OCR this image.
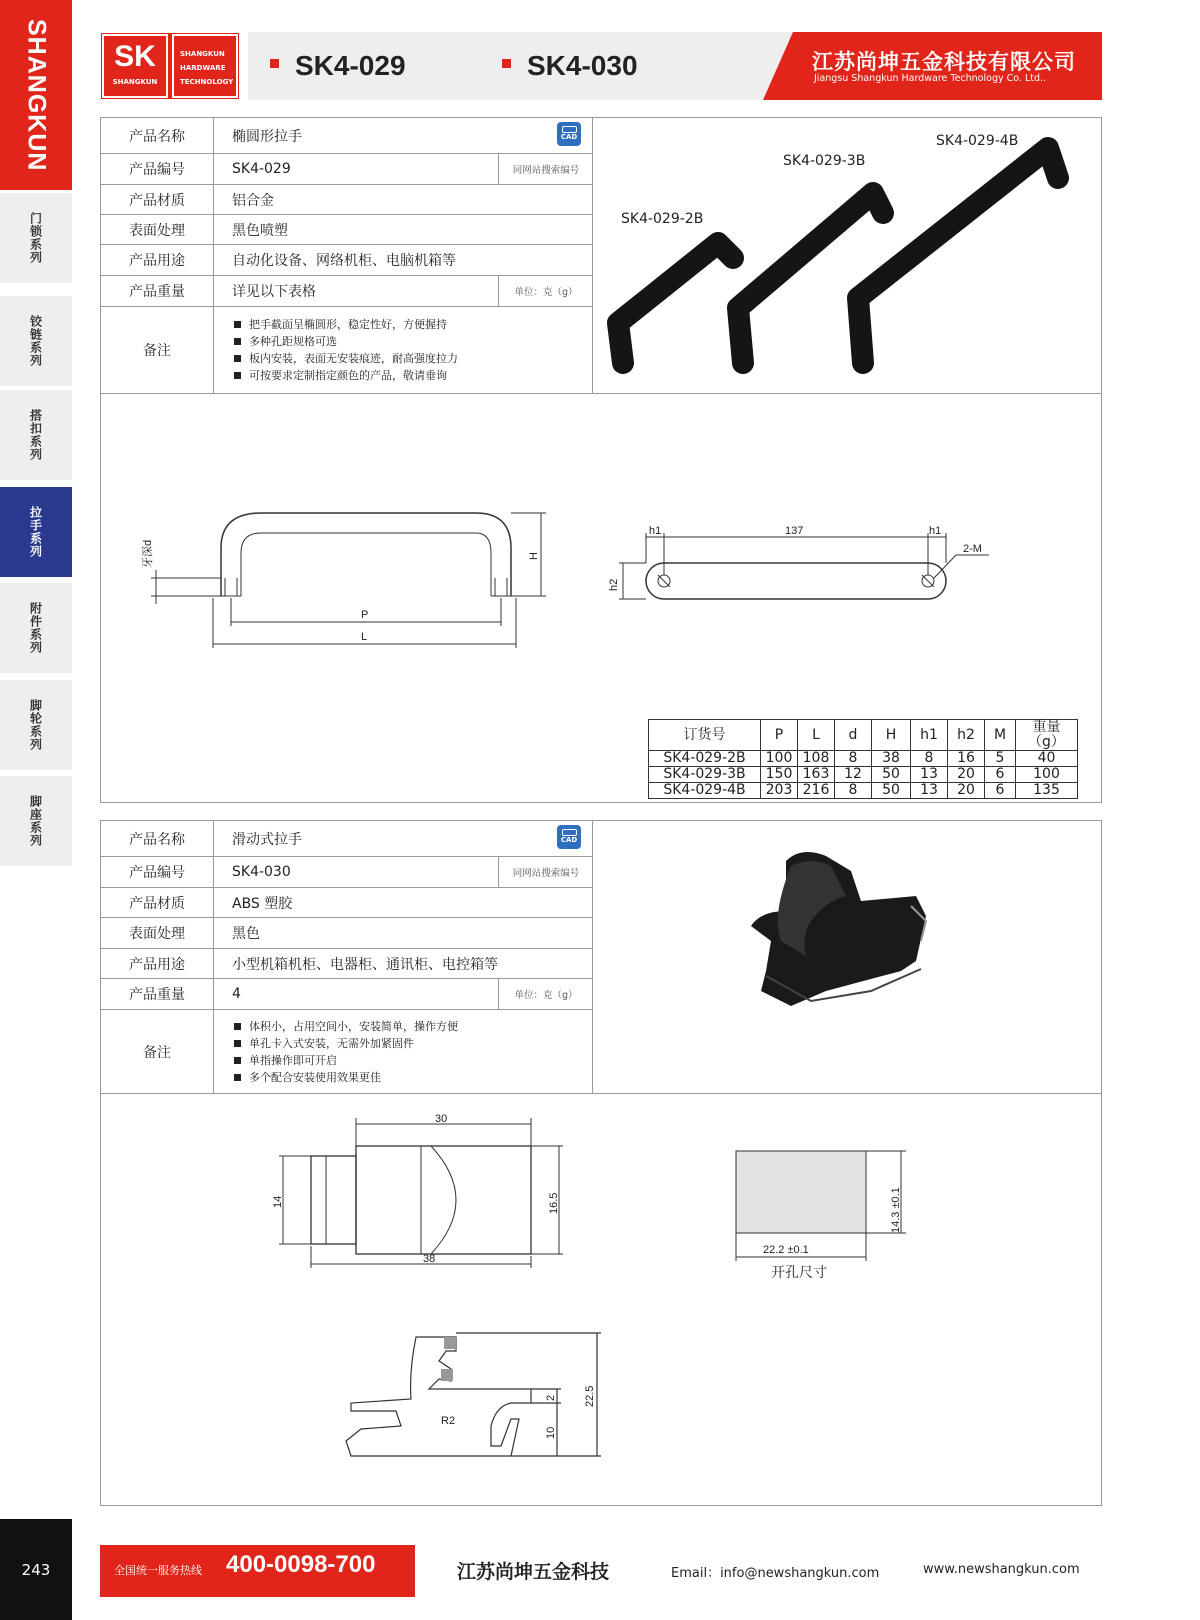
SHANGKUN
门锁系列
铰链系列
搭扣系列
拉手系列
附件系列
脚轮系列
脚座系列
243
SK
SHANGKUN
SHANGKUN
HARDWARE
TECHNOLOGY
SK4-029	SK4-030	江苏尚坤五金科技有限公司
Jiangsu Shangkun Hardware Technology Co. Ltd..
产品名称	椭圆形拉手
产品编号	SK4-029	同网站搜索编号
产品材质	铝合金
表面处理	黑色喷塑
产品用途	自动化设备、网络机柜、电脑机箱等
产品重量	详见以下表格	单位：克（g）
备注
把手截面呈椭圆形，稳定性好，方便握持
多种孔距规格可选
板内安装，表面无安装痕迹，耐高强度拉力
可按要求定制指定颜色的产品，敬请垂询
CAD
SK4-029-2B
SK4-029-3B
SK4-029-4B
牙深d
P
L
H
h1	137	h1
2-M
h2
订货号	P	L	d	H	h1	h2	M	重量（g）
SK4-029-2B	100	108	8	38	8	16	5	40
SK4-029-3B	150	163	12	50	13	20	6	100
SK4-029-4B	203	216	8	50	13	20	6	135
产品名称	滑动式拉手
产品编号	SK4-030	同网站搜索编号
产品材质	ABS 塑胶
表面处理	黑色
产品用途	小型机箱机柜、电器柜、通讯柜、电控箱等
产品重量	4	单位：克（g）
备注
体积小，占用空间小，安装简单，操作方便
单孔卡入式安装，无需外加紧固件
单指操作即可开启
多个配合安装使用效果更佳
CAD
30
38
14	16.5	14.3 ±0.1
22.2 ±0.1
开孔尺寸
R2
2
10
22.5
全国统一服务热线 400-0098-700	江苏尚坤五金科技	Email：info@newshangkun.com	www.newshangkun.com
